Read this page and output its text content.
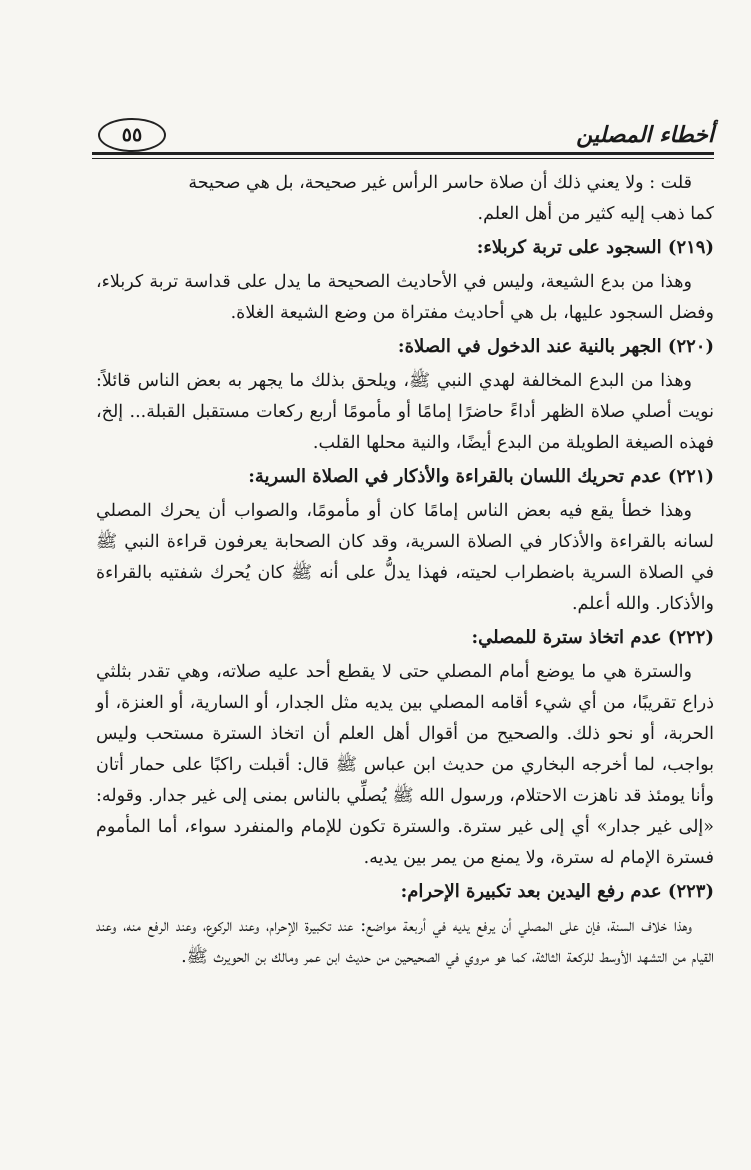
أخطاء المصلين
٥٥

قلت : ولا يعني ذلك أن صلاة حاسر الرأس غير صحيحة، بل هي صحيحة

كما ذهب إليه كثير من أهل العلم.

(٢١٩) السجود على تربة كربلاء:

وهذا من بدع الشيعة، وليس في الأحاديث الصحيحة ما يدل على قداسة تربة كربلاء، وفضل السجود عليها، بل هي أحاديث مفتراة من وضع الشيعة الغلاة.

(٢٢٠) الجهر بالنية عند الدخول في الصلاة:

وهذا من البدع المخالفة لهدي النبي ﷺ، ويلحق بذلك ما يجهر به بعض الناس قائلاً: نويت أصلي صلاة الظهر أداءً حاضرًا إمامًا أو مأمومًا أربع ركعات مستقبل القبلة... إلخ، فهذه الصيغة الطويلة من البدع أيضًا، والنية محلها القلب.

(٢٢١) عدم تحريك اللسان بالقراءة والأذكار في الصلاة السرية:

وهذا خطأ يقع فيه بعض الناس إمامًا كان أو مأمومًا، والصواب أن يحرك المصلي لسانه بالقراءة والأذكار في الصلاة السرية، وقد كان الصحابة يعرفون قراءة النبي ﷺ في الصلاة السرية باضطراب لحيته، فهذا يدلُّ على أنه ﷺ كان يُحرك شفتيه بالقراءة والأذكار. والله أعلم.

(٢٢٢) عدم اتخاذ سترة للمصلي:

والسترة هي ما يوضع أمام المصلي حتى لا يقطع أحد عليه صلاته، وهي تقدر بثلثي ذراع تقريبًا، من أي شيء أقامه المصلي بين يديه مثل الجدار، أو السارية، أو العنزة، أو الحربة، أو نحو ذلك. والصحيح من أقوال أهل العلم أن اتخاذ السترة مستحب وليس بواجب، لما أخرجه البخاري من حديث ابن عباس ﷺ قال: أقبلت راكبًا على حمار أتان وأنا يومئذ قد ناهزت الاحتلام، ورسول الله ﷺ يُصلِّي بالناس بمنى إلى غير جدار. وقوله: «إلى غير جدار» أي إلى غير سترة. والسترة تكون للإمام والمنفرد سواء، أما المأموم فسترة الإمام له سترة، ولا يمنع من يمر بين يديه.

(٢٢٣) عدم رفع اليدين بعد تكبيرة الإحرام:

وهذا خلاف السنة، فإن على المصلي أن يرفع يديه في أربعة مواضع: عند تكبيرة الإحرام، وعند الركوع، وعند الرفع منه، وعند القيام من التشهد الأوسط للركعة الثالثة، كما هو مروي في الصحيحين من حديث ابن عمر ومالك بن الحويرث ﷺ.
